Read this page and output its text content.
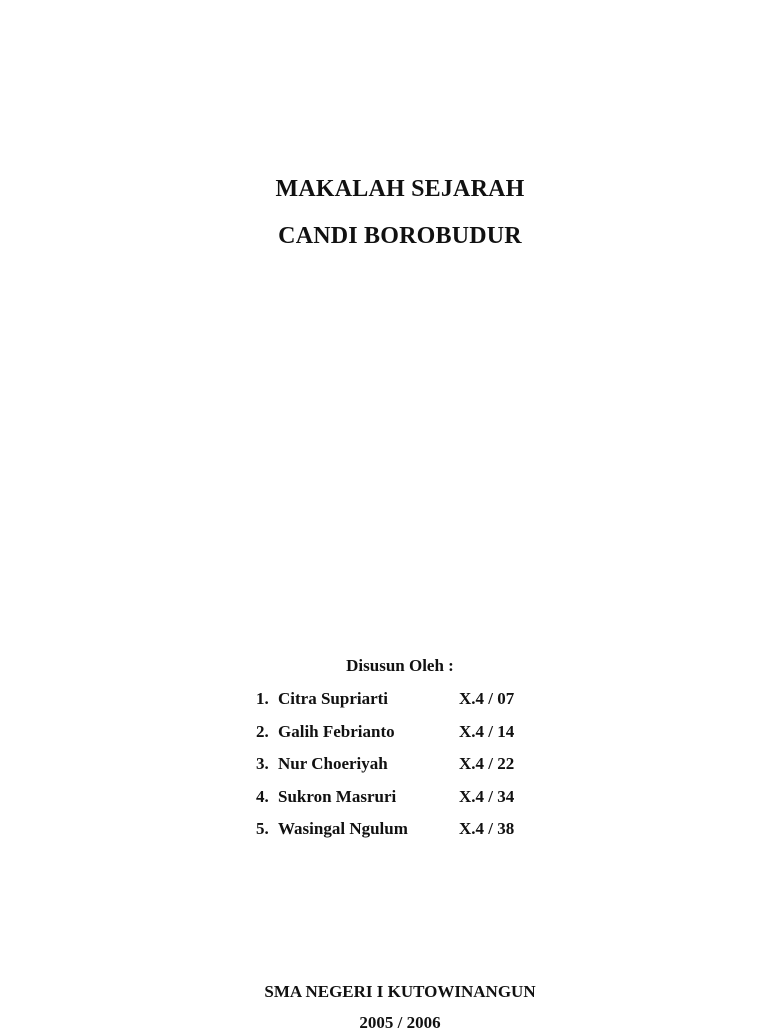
MAKALAH SEJARAH
CANDI BOROBUDUR
Disusun Oleh :
1. Citra Supriarti	X.4 / 07
2. Galih Febrianto	X.4 / 14
3. Nur Choeriyah	X.4 / 22
4. Sukron Masruri	X.4 / 34
5. Wasingal Ngulum	X.4 / 38
SMA NEGERI I KUTOWINANGUN
2005 / 2006
